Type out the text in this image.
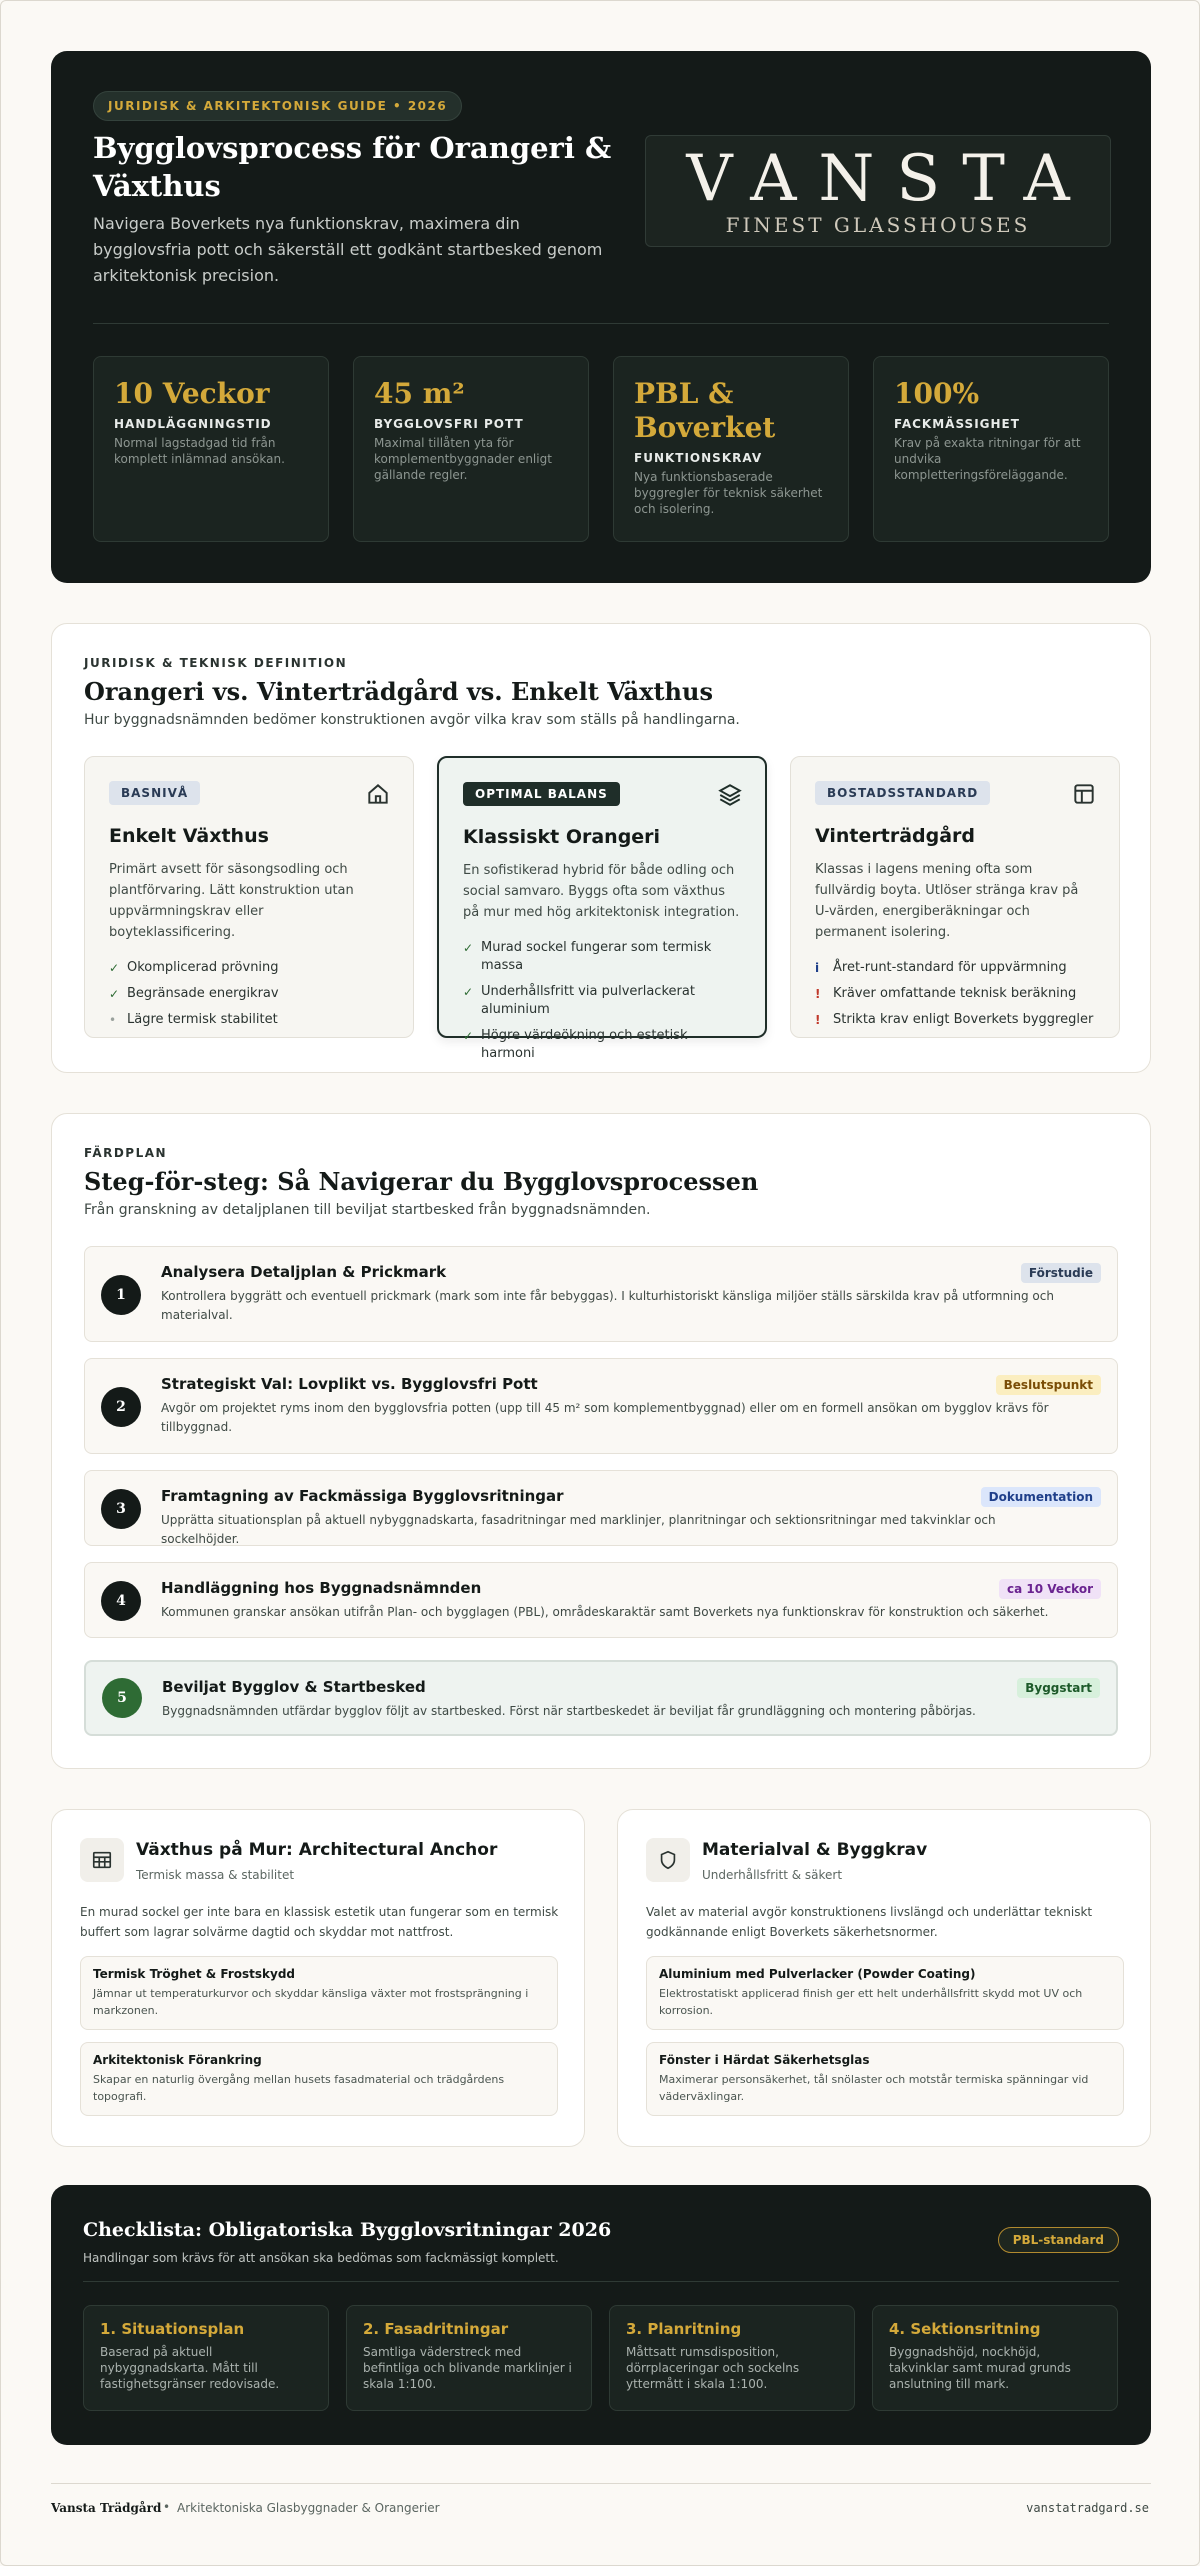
JURIDISK & ARKITEKTONISK GUIDE • 2026
Bygglovsprocess för Orangeri & Växthus
Navigera Boverkets nya funktionskrav, maximera din bygglovsfria pott och säkerställ ett godkänt startbesked genom arkitektonisk precision.
VANSTA
FINEST GLASSHOUSES
10 Veckor
HANDLÄGGNINGSTID
Normal lagstadgad tid från komplett inlämnad ansökan.
45 m²
BYGGLOVSFRI POTT
Maximal tillåten yta för komplementbyggnader enligt gällande regler.
PBL & Boverket
FUNKTIONSKRAV
Nya funktionsbaserade byggregler för teknisk säkerhet och isolering.
100%
FACKMÄSSIGHET
Krav på exakta ritningar för att undvika kompletteringsföreläggande.
JURIDISK & TEKNISK DEFINITION
Orangeri vs. Vinterträdgård vs. Enkelt Växthus
Hur byggnadsnämnden bedömer konstruktionen avgör vilka krav som ställs på handlingarna.
BASNIVÅ
Enkelt Växthus
Primärt avsett för säsongsodling och plantförvaring. Lätt konstruktion utan uppvärmningskrav eller boyteklassificering.
✓ Okomplicerad prövning
✓ Begränsade energikrav
• Lägre termisk stabilitet
OPTIMAL BALANS
Klassiskt Orangeri
En sofistikerad hybrid för både odling och social samvaro. Byggs ofta som växthus på mur med hög arkitektonisk integration.
✓ Murad sockel fungerar som termisk massa
✓ Underhållsfritt via pulverlackerat aluminium
✓ Högre värdeökning och estetisk harmoni
BOSTADSSTANDARD
Vinterträdgård
Klassas i lagens mening ofta som fullvärdig boyta. Utlöser stränga krav på U-värden, energiberäkningar och permanent isolering.
i	Året-runt-standard för uppvärmning
! Kräver omfattande teknisk beräkning
! Strikta krav enligt Boverkets byggregler
FÄRDPLAN
Steg-för-steg: Så Navigerar du Bygglovsprocessen
Från granskning av detaljplanen till beviljat startbesked från byggnadsnämnden.
1
Analysera Detaljplan & Prickmark
Kontrollera byggrätt och eventuell prickmark (mark som inte får bebyggas). I kulturhistoriskt känsliga miljöer ställs särskilda krav på utformning och materialval.
Förstudie
2
Strategiskt Val: Lovplikt vs. Bygglovsfri Pott
Avgör om projektet ryms inom den bygglovsfria potten (upp till 45 m² som komplementbyggnad) eller om en formell ansökan om bygglov krävs för tillbyggnad.
Beslutspunkt
3
Framtagning av Fackmässiga Bygglovsritningar
Upprätta situationsplan på aktuell nybyggnadskarta, fasadritningar med marklinjer, planritningar och sektionsritningar med takvinklar och sockelhöjder.
Dokumentation
4
Handläggning hos Byggnadsnämnden
Kommunen granskar ansökan utifrån Plan- och bygglagen (PBL), områdeskaraktär samt Boverkets nya funktionskrav för konstruktion och säkerhet.
ca 10 Veckor
5
Beviljat Bygglov & Startbesked
Byggnadsnämnden utfärdar bygglov följt av startbesked. Först när startbeskedet är beviljat får grundläggning och montering påbörjas.
Byggstart
Växthus på Mur: Architectural Anchor
Termisk massa & stabilitet
En murad sockel ger inte bara en klassisk estetik utan fungerar som en termisk buffert som lagrar solvärme dagtid och skyddar mot nattfrost.
Termisk Tröghet & Frostskydd
Jämnar ut temperaturkurvor och skyddar känsliga växter mot frostsprängning i markzonen.
Arkitektonisk Förankring
Skapar en naturlig övergång mellan husets fasadmaterial och trädgårdens topografi.
Materialval & Byggkrav
Underhållsfritt & säkert
Valet av material avgör konstruktionens livslängd och underlättar tekniskt godkännande enligt Boverkets säkerhetsnormer.
Aluminium med Pulverlacker (Powder Coating)
Elektrostatiskt applicerad finish ger ett helt underhållsfritt skydd mot UV och korrosion.
Fönster i Härdat Säkerhetsglas
Maximerar personsäkerhet, tål snölaster och motstår termiska spänningar vid väderväxlingar.
Checklista: Obligatoriska Bygglovsritningar 2026
Handlingar som krävs för att ansökan ska bedömas som fackmässigt komplett.
PBL-standard
1. Situationsplan
Baserad på aktuell nybyggnadskarta. Mått till fastighetsgränser redovisade.
2. Fasadritningar
Samtliga väderstreck med befintliga och blivande marklinjer i skala 1:100.
3. Planritning
Måttsatt rumsdisposition, dörrplaceringar och sockelns yttermått i skala 1:100.
4. Sektionsritning
Byggnadshöjd, nockhöjd, takvinklar samt murad grunds anslutning till mark.
Vansta Trädgård • Arkitektoniska Glasbyggnader & Orangerier	vanstatradgard.se
